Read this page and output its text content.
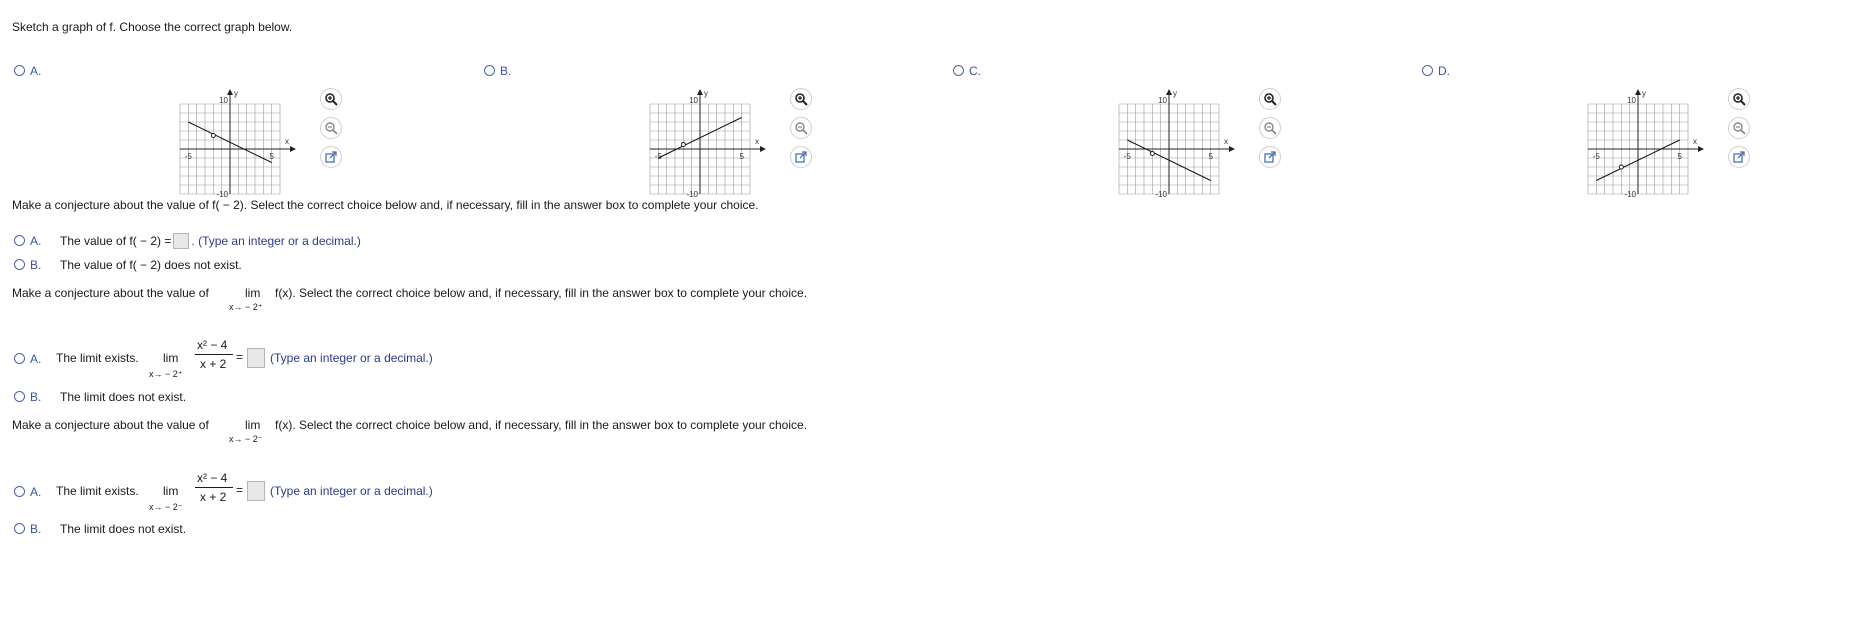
Sketch a graph of f. Choose the correct graph below.
A.
10
-10
-5	5
x
y
B.
10
-10
-5	5
x
y
C.
10
-10
-5	5
x
y
D.
10
-10
-5	5
x
y
Make a conjecture about the value of f( − 2). Select the correct choice below and, if necessary, fill in the answer box to complete your choice.
A. The value of f( − 2) = . (Type an integer or a decimal.)
B. The value of f( − 2) does not exist.
Make a conjecture about the value of	lim
x→ − 2⁺
f(x). Select the correct choice below and, if necessary, fill in the answer box to complete your choice.
A.	The limit exists. lim
x→ − 2⁺
x² − 4
x + 2 = (Type an integer or a decimal.)
B. The limit does not exist.
Make a conjecture about the value of	lim
x→ − 2⁻
f(x). Select the correct choice below and, if necessary, fill in the answer box to complete your choice.
A.	The limit exists. lim
x→ − 2⁻
x² − 4
x + 2 = (Type an integer or a decimal.)
B. The limit does not exist.
